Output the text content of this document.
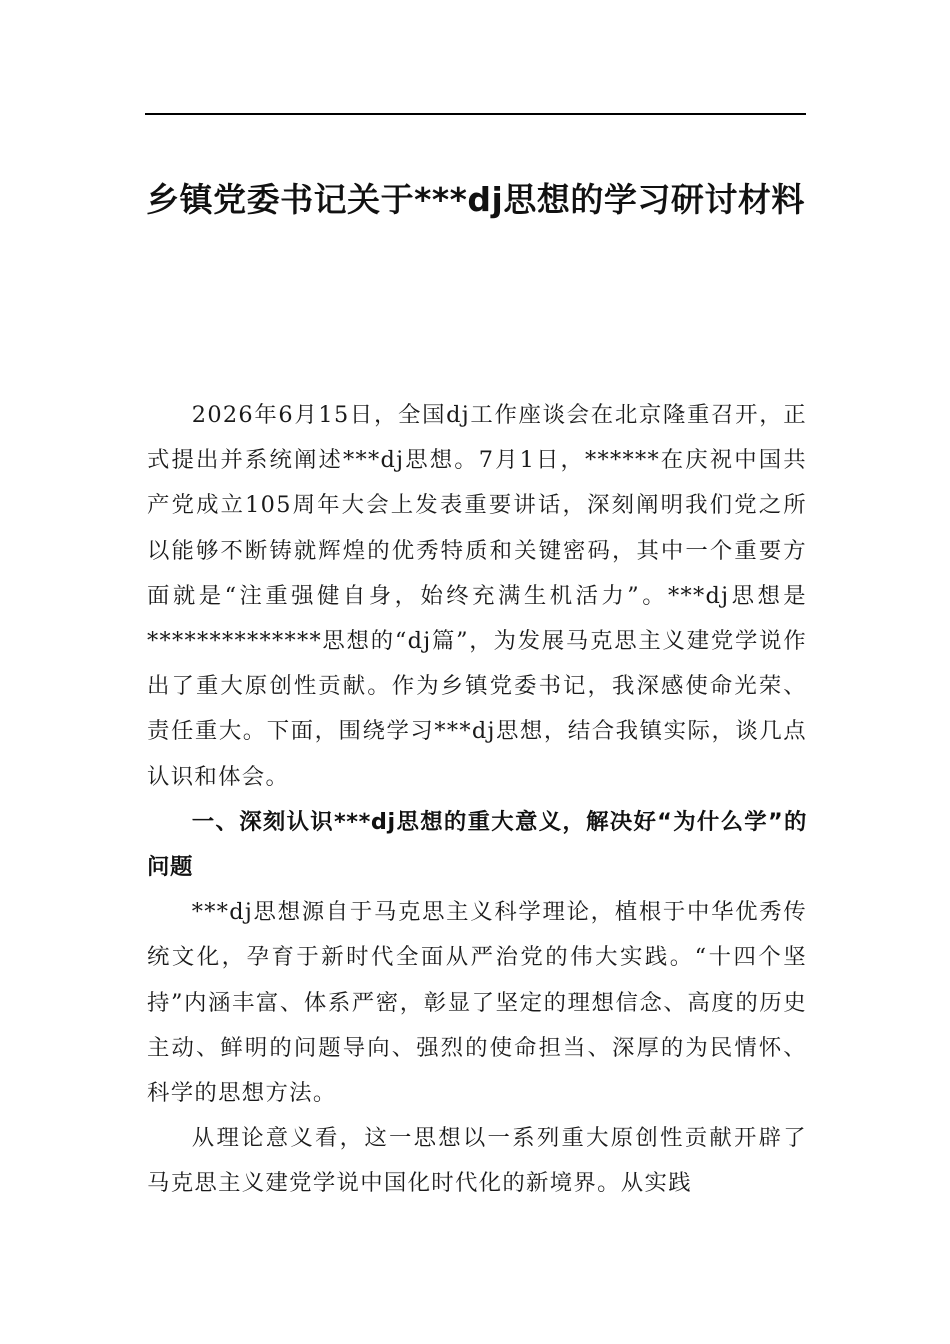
乡镇党委书记关于***dj思想的学习研讨材料

2026年6月15日，全国dj工作座谈会在北京隆重召开，正式提出并系统阐述***dj思想。7月1日，******在庆祝中国共产党成立105周年大会上发表重要讲话，深刻阐明我们党之所以能够不断铸就辉煌的优秀特质和关键密码，其中一个重要方面就是“注重强健自身，始终充满生机活力”。***dj思想是**************思想的“dj篇”，为发展马克思主义建党学说作出了重大原创性贡献。作为乡镇党委书记，我深感使命光荣、责任重大。下面，围绕学习***dj思想，结合我镇实际，谈几点认识和体会。

一、深刻认识***dj思想的重大意义，解决好“为什么学”的问题

***dj思想源自于马克思主义科学理论，植根于中华优秀传统文化，孕育于新时代全面从严治党的伟大实践。“十四个坚持”内涵丰富、体系严密，彰显了坚定的理想信念、高度的历史主动、鲜明的问题导向、强烈的使命担当、深厚的为民情怀、科学的思想方法。

从理论意义看，这一思想以一系列重大原创性贡献开辟了马克思主义建党学说中国化时代化的新境界。从实践
